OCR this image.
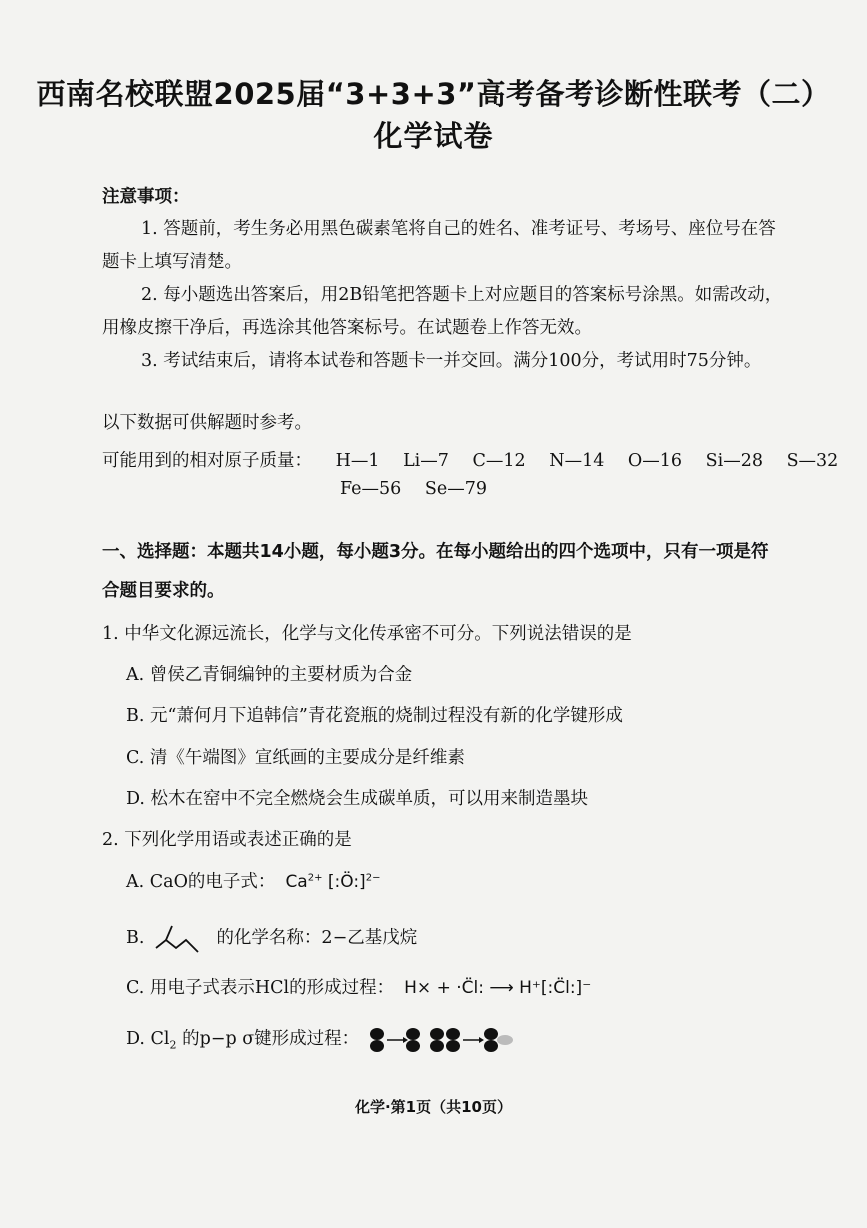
西南名校联盟2025届“3+3+3”高考备考诊断性联考（二）
化学试卷
注意事项：
1. 答题前，考生务必用黑色碳素笔将自己的姓名、准考证号、考场号、座位号在答
题卡上填写清楚。
2. 每小题选出答案后，用2B铅笔把答题卡上对应题目的答案标号涂黑。如需改动，
用橡皮擦干净后，再选涂其他答案标号。在试题卷上作答无效。
3. 考试结束后，请将本试卷和答题卡一并交回。满分100分，考试用时75分钟。
以下数据可供解题时参考。
可能用到的相对原子质量： H—1 Li—7 C—12 N—14 O—16 Si—28 S—32
Fe—56 Se—79
一、选择题：本题共14小题，每小题3分。在每小题给出的四个选项中，只有一项是符
合题目要求的。
1. 中华文化源远流长，化学与文化传承密不可分。下列说法错误的是
A. 曾侯乙青铜编钟的主要材质为合金
B. 元“萧何月下追韩信”青花瓷瓶的烧制过程没有新的化学键形成
C. 清《午端图》宣纸画的主要成分是纤维素
D. 松木在窑中不完全燃烧会生成碳单质，可以用来制造墨块
2. 下列化学用语或表述正确的是
A. CaO的电子式： $Ca^{2+}$ [:Ö:]$^{2-}$
B.	的化学名称：2−乙基戊烷
C. 用电子式表示HCl的形成过程： H× + ·C̈l: ⟶ H⁺[:C̈l:]⁻
D. $Cl_2$ 的p−p σ键形成过程：
化学·第1页（共10页）
